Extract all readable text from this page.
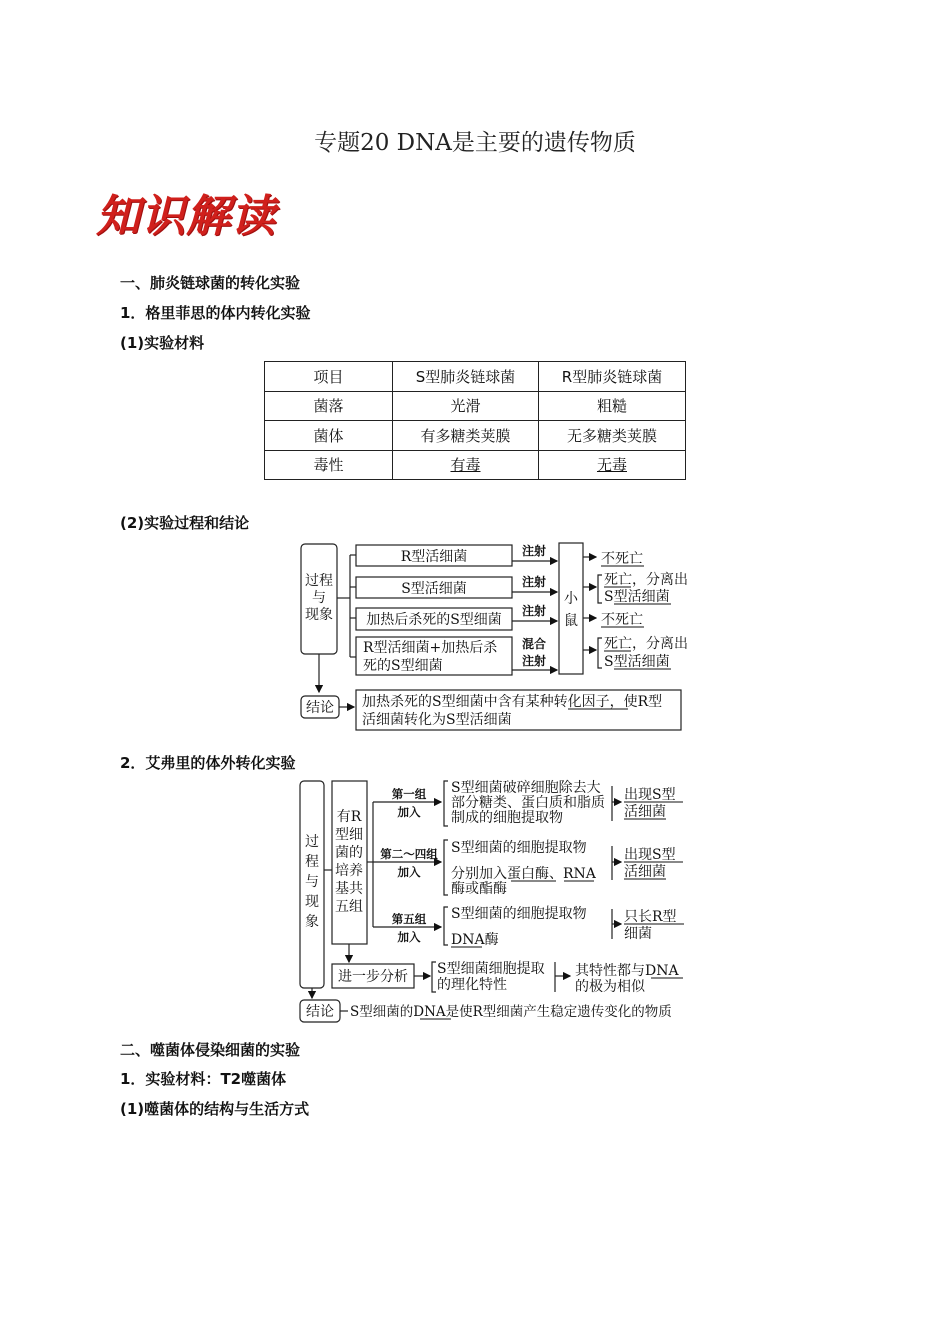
专题20 DNA是主要的遗传物质
知识解读
一、肺炎链球菌的转化实验
1．格里菲思的体内转化实验
(1)实验材料
项目	S型肺炎链球菌	R型肺炎链球菌
菌落	光滑	粗糙
菌体	有多糖类荚膜	无多糖类荚膜
毒性	有毒	无毒
(2)实验过程和结论
过程
与
现象
R型活细菌
S型活细菌
加热后杀死的S型细菌
R型活细菌+加热后杀
死的S型细菌
小
鼠
不死亡
死亡，分离出
S型活细菌
不死亡
死亡，分离出
S型活细菌
结论 加热杀死的S型细菌中含有某种转化因子，使R型
活细菌转化为S型活细菌
注射
注射
注射
混合
注射
过
程
与
现
象
有R
型细
菌的
培养
基共
五组
S型细菌破碎细胞除去大
部分糖类、蛋白质和脂质
制成的细胞提取物
出现S型
活细菌
S型细菌的细胞提取物
分别加入蛋白酶、RNA
酶或酯酶
出现S型
活细菌
S型细菌的细胞提取物
DNA酶
只长R型
细菌
进一步分析 S型细菌细胞提取
的理化特性
其特性都与DNA
的极为相似
结论 S型细菌的DNA是使R型细菌产生稳定遗传变化的物质
第一组
加入
第二～四组
加入
第五组
加入
2．艾弗里的体外转化实验
二、噬菌体侵染细菌的实验
1．实验材料：T2噬菌体
(1)噬菌体的结构与生活方式
